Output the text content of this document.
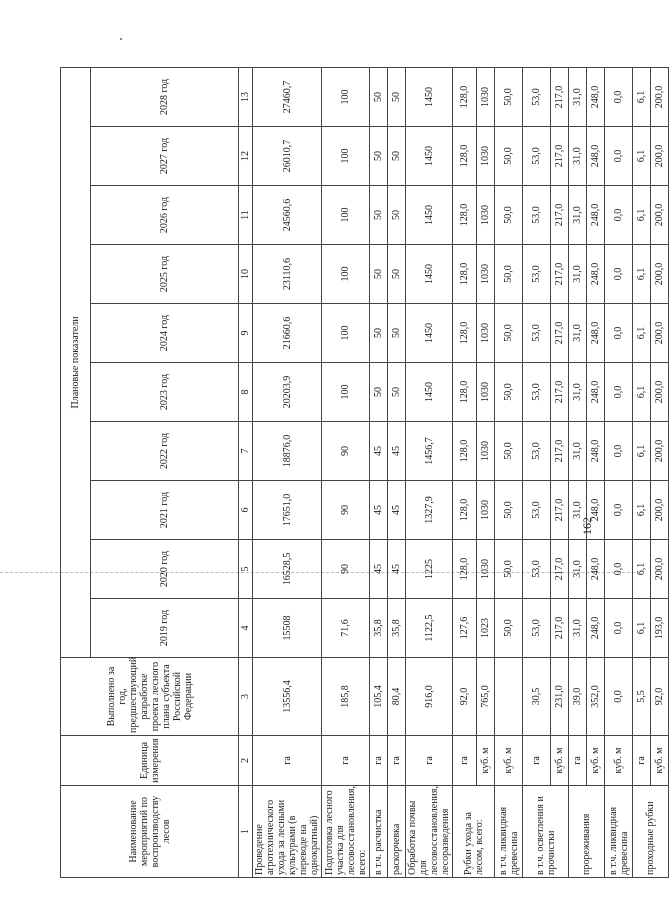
Наименование мероприятий по воспроизводству лесов	Единица измерения	Выполнено за год, предшествующий разработке проекта лесного плана субъекта Российской Федерации	Плановые показатели									
			2019 год	2020 год	2021 год	2022 год	2023 год	2024 год	2025 год	2026 год	2027 год	2028 год
1	2	3	4	5	6	7	8	9	10	11	12	13
Проведение агротехнического ухода за лесными культурами (в переводе на однократный)	га	13556,4	15508	16528,5	17651,0	18876,0	20203,9	21660,6	23110,6	24560,6	26010,7	27460,7
Подготовка лесного участка для лесовосстановления, всего:	га	185,8	71,6	90	90	90	100	100	100	100	100	100
в т.ч. расчистка	га	105,4	35,8	45	45	45	50	50	50	50	50	50
раскорчевка	га	80,4	35,8	45	45	45	50	50	50	50	50	50
Обработка почвы для лесовосстановления, лесоразведения	га	916,0	1122,5	1225	1327,9	1456,7	1450	1450	1450	1450	1450	1450
Рубки ухода за лесом, всего:	га	92,0	127,6	128,0	128,0	128,0	128,0	128,0	128,0	128,0	128,0	128,0
	куб. м	765,0	1023	1030	1030	1030	1030	1030	1030	1030	1030	1030
в т.ч. ликвидная древесина	куб. м		50,0	50,0	50,0	50,0	50,0	50,0	50,0	50,0	50,0	50,0
в т.ч. осветления и прочистки	га	30,5	53,0	53,0	53,0	53,0	53,0	53,0	53,0	53,0	53,0	53,0
	куб. м	231,0	217,0	217,0	217,0	217,0	217,0	217,0	217,0	217,0	217,0	217,0
прореживания	га	39,0	31,0	31,0	31,0	31,0	31,0	31,0	31,0	31,0	31,0	31,0
	куб. м	352,0	248,0	248,0	248,0	248,0	248,0	248,0	248,0	248,0	248,0	248,0
в т.ч. ликвидная древесина	куб. м	0,0	0,0	0,0	0,0	0,0	0,0	0,0	0,0	0,0	0,0	0,0
проходные рубки	га	5,5	6,1	6,1	6,1	6,1	6,1	6,1	6,1	6,1	6,1	6,1
	куб. м	92,0	193,0	200,0	200,0	200,0	200,0	200,0	200,0	200,0	200,0	200,0
162
